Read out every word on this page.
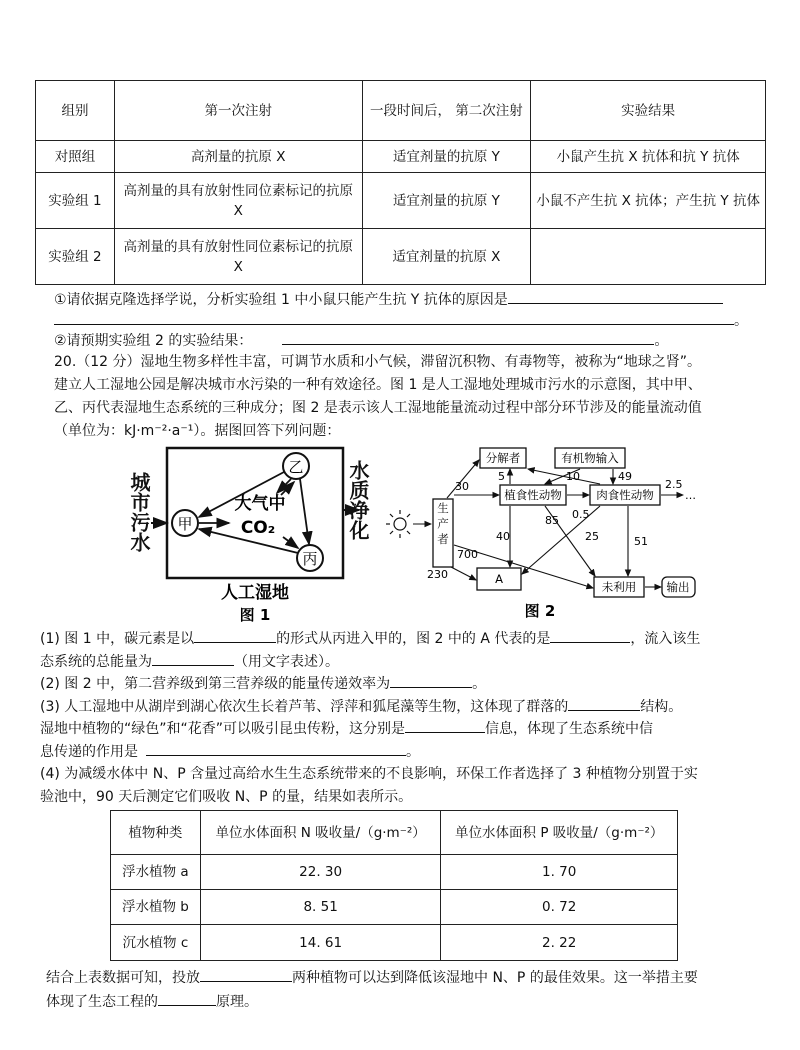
组别	第一次注射	一段时间后， 第二次注射	实验结果
对照组	高剂量的抗原 X	适宜剂量的抗原 Y	小鼠产生抗 X 抗体和抗 Y 抗体
实验组 1	高剂量的具有放射性同位素标记的抗原 X	适宜剂量的抗原 Y	小鼠不产生抗 X 抗体；产生抗 Y 抗体
实验组 2	高剂量的具有放射性同位素标记的抗原 X	适宜剂量的抗原 X	
①请依据克隆选择学说，分析实验组 1 中小鼠只能产生抗 Y 抗体的原因是
。
②请预期实验组 2 的实验结果：	。
20.（12 分）湿地生物多样性丰富，可调节水质和小气候，滞留沉积物、有毒物等，被称为“地球之肾”。
建立人工湿地公园是解决城市水污染的一种有效途径。图 1 是人工湿地处理城市污水的示意图，其中甲、
乙、丙代表湿地生态系统的三种成分；图 2 是表示该人工湿地能量流动过程中部分环节涉及的能量流动值
（单位为：kJ·m⁻²·a⁻¹）。据图回答下列问题：
乙
甲
丙
大气中
CO₂
人工湿地
图 1
城市污水	水质净化
分解者	有机物输入
植食性动物	肉食性动物
A
未利用	输出
30
700
230
5
40
85
10	49
0.5
25	51
2.5
…
图 2
生产者
(1) 图 1 中，碳元素是以	的形式从丙进入甲的，图 2 中的 A 代表的是	，流入该生
态系统的总能量为	（用文字表述）。
(2) 图 2 中，第二营养级到第三营养级的能量传递效率为	。
(3) 人工湿地中从湖岸到湖心依次生长着芦苇、浮萍和狐尾藻等生物，这体现了群落的	结构。
湿地中植物的“绿色”和“花香”可以吸引昆虫传粉，这分别是	信息，体现了生态系统中信
息传递的作用是	。
(4) 为减缓水体中 N、P 含量过高给水生生态系统带来的不良影响，环保工作者选择了 3 种植物分别置于实
验池中，90 天后测定它们吸收 N、P 的量，结果如表所示。
植物种类	单位水体面积 N 吸收量/（g·m⁻²）	单位水体面积 P 吸收量/（g·m⁻²）
浮水植物 a	22. 30	1. 70
浮水植物 b	8. 51	0. 72
沉水植物 c	14. 61	2. 22
结合上表数据可知，投放	两种植物可以达到降低该湿地中 N、P 的最佳效果。这一举措主要
体现了生态工程的	原理。
